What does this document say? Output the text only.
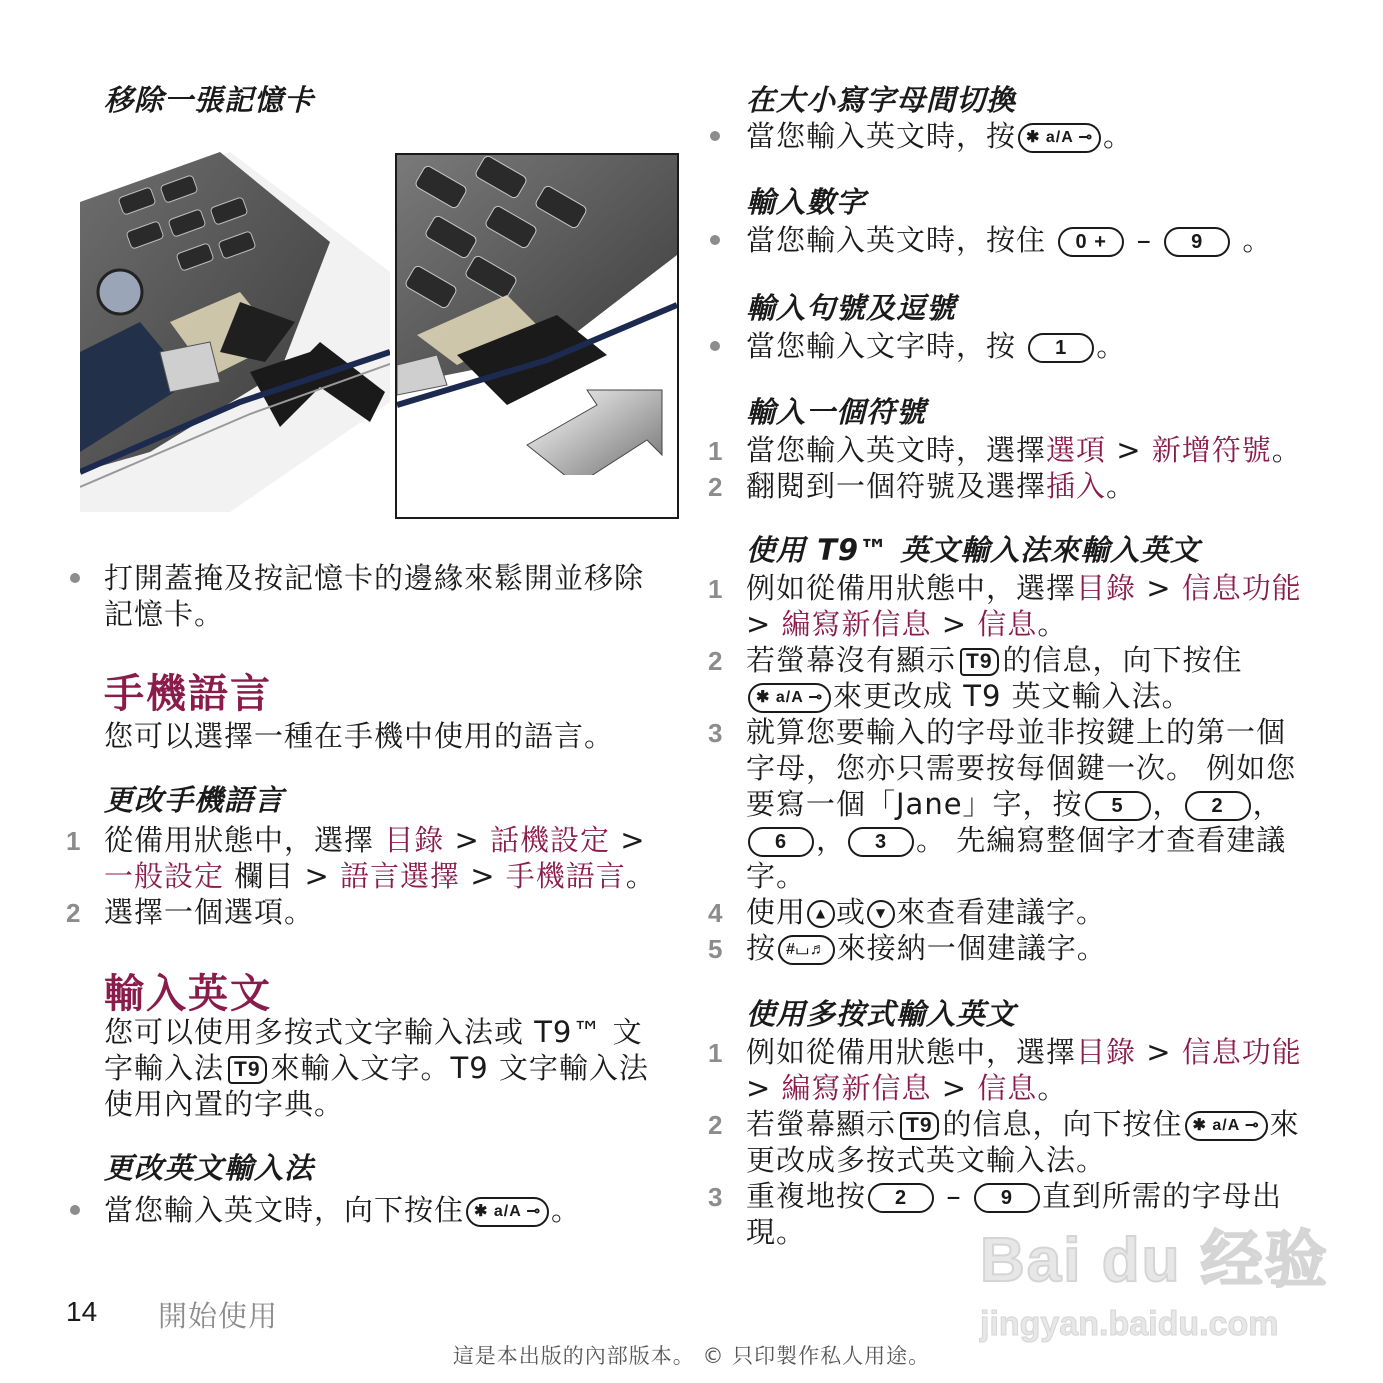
移除一張記憶卡
打開蓋掩及按記憶卡的邊緣來鬆開並移除記憶卡。
手機語言
您可以選擇一種在手機中使用的語言。
更改手機語言
1 從備用狀態中，選擇 目錄 > 話機設定 > 一般設定 欄目 > 語言選擇 > 手機語言。
2 選擇一個選項。
輸入英文
您可以使用多按式文字輸入法或 T9™ 文字輸入法 T9 來輸入文字。T9 文字輸入法使用內置的字典。
更改英文輸入法
當您輸入英文時，向下按住 ✱ a/A ⊸ 。
在大小寫字母間切換
當您輸入英文時，按 ✱ a/A ⊸ 。
輸入數字
當您輸入英文時，按住 0 + – 9 。
輸入句號及逗號
當您輸入文字時，按 1 。
輸入一個符號
1 當您輸入英文時，選擇選項 > 新增符號。
2 翻閱到一個符號及選擇插入。
使用 T9™ 英文輸入法來輸入英文
1 例如從備用狀態中，選擇目錄 > 信息功能 > 編寫新信息 > 信息。
2 若螢幕沒有顯示 T9 的信息，向下按住✱ a/A ⊸ 來更改成 T9 英文輸入法。
3 就算您要輸入的字母並非按鍵上的第一個字母，您亦只需要按每個鍵一次。 例如您要寫一個「Jane」字，按 5 ， 2 ，6 ， 3 。 先編寫整個字才查看建議字。
4 使用 ▲ 或 ▼ 來查看建議字。
5 按 #⌴♬ 來接納一個建議字。
使用多按式輸入英文
1 例如從備用狀態中，選擇目錄 > 信息功能 > 編寫新信息 > 信息。
2 若螢幕顯示 T9 的信息，向下按住 ✱ a/A ⊸ 來更改成多按式英文輸入法。
3 重複地按 2 – 9 直到所需的字母出現。	Bai du 经验
jingyan.baidu.com
14 開始使用
這是本出版的內部版本。 © 只印製作私人用途。
